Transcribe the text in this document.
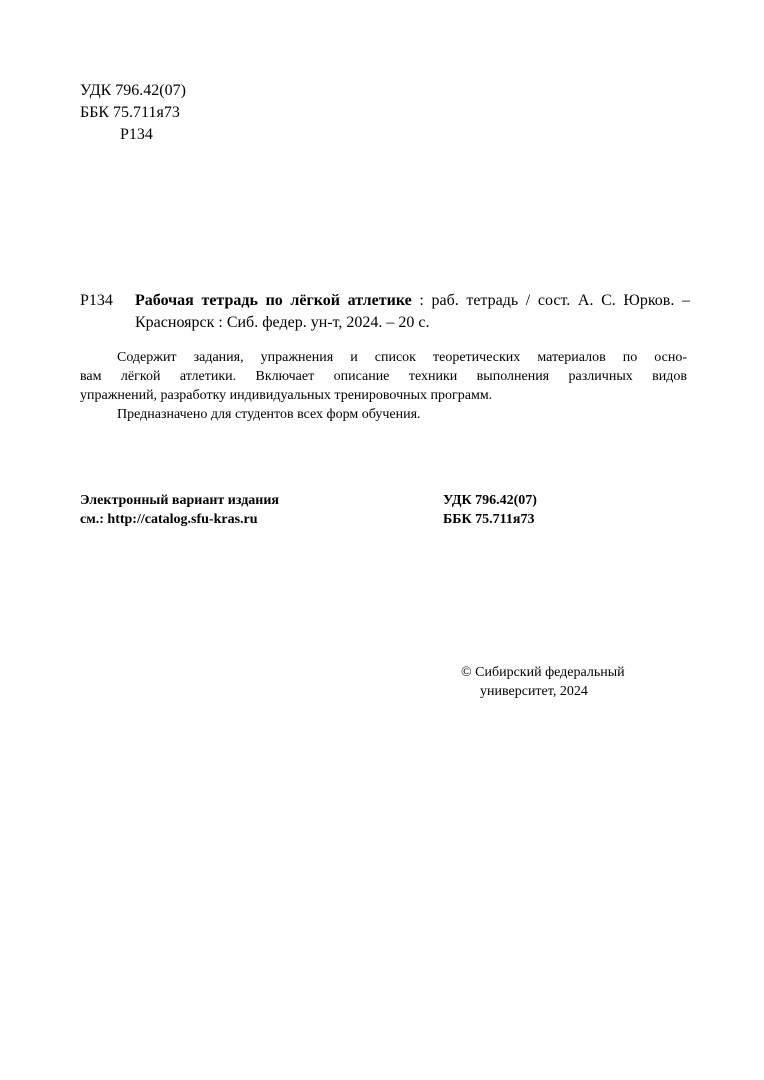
УДК 796.42(07)
ББК 75.711я73
Р134
Р134 Рабочая тетрадь по лёгкой атлетике : раб. тетрадь / сост. А. С. Юрков. –
Красноярск : Сиб. федер. ун-т, 2024. – 20 с.
Содержит задания, упражнения и список теоретических материалов по осно-
вам лёгкой атлетики. Включает описание техники выполнения различных видов
упражнений, разработку индивидуальных тренировочных программ.
Предназначено для студентов всех форм обучения.
Электронный вариант издания
см.: http://catalog.sfu-kras.ru
УДК 796.42(07)
ББК 75.711я73
© Сибирский федеральный
университет, 2024
